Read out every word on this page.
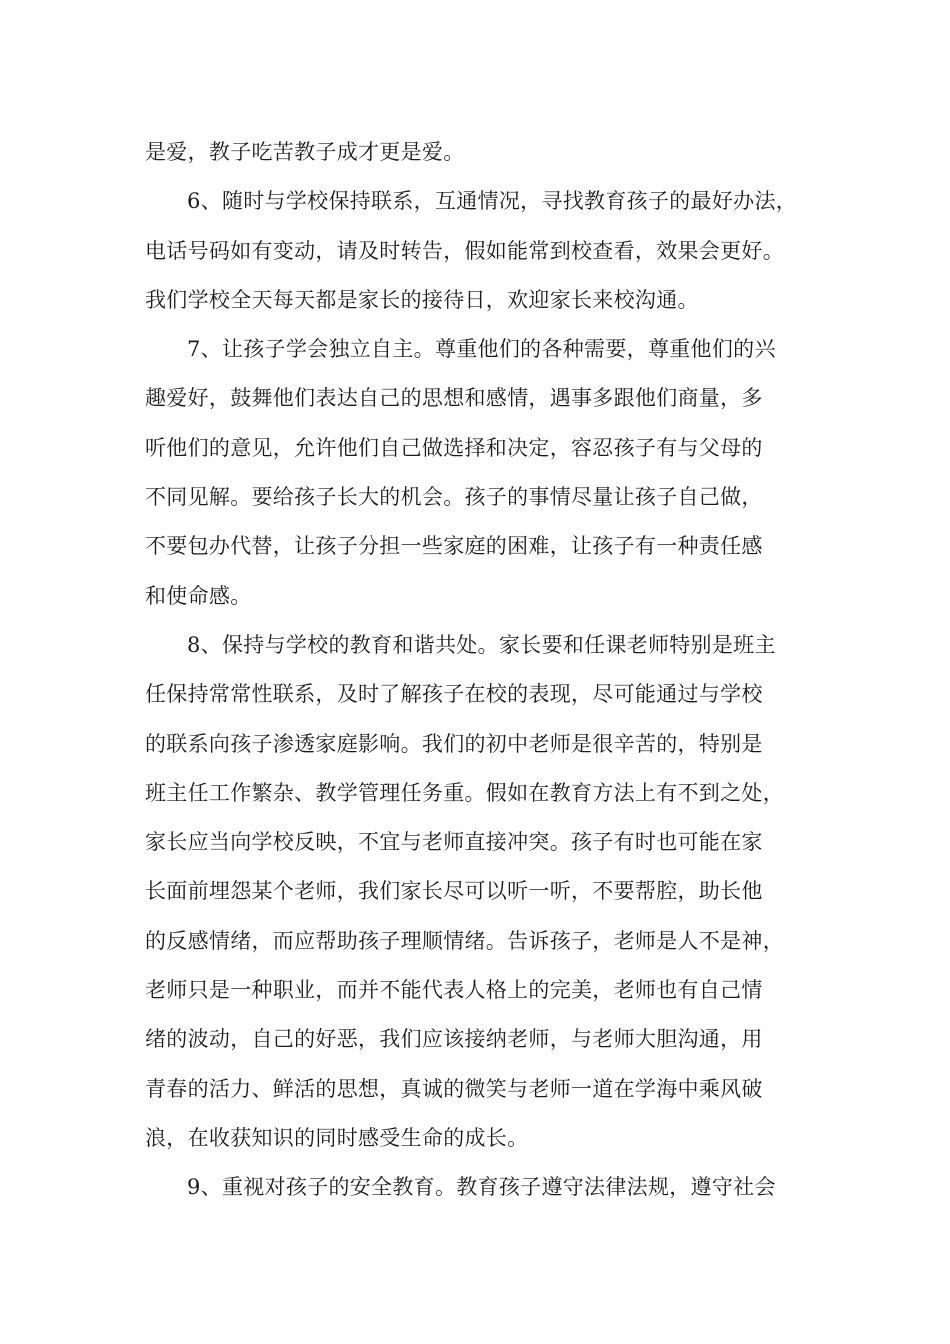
是爱，教子吃苦教子成才更是爱。
6、随时与学校保持联系，互通情况，寻找教育孩子的最好办法，
电话号码如有变动，请及时转告，假如能常到校查看，效果会更好。
我们学校全天每天都是家长的接待日，欢迎家长来校沟通。
7、让孩子学会独立自主。尊重他们的各种需要，尊重他们的兴
趣爱好，鼓舞他们表达自己的思想和感情，遇事多跟他们商量，多
听他们的意见，允许他们自己做选择和决定，容忍孩子有与父母的
不同见解。要给孩子长大的机会。孩子的事情尽量让孩子自己做，
不要包办代替，让孩子分担一些家庭的困难，让孩子有一种责任感
和使命感。
8、保持与学校的教育和谐共处。家长要和任课老师特别是班主
任保持常常性联系，及时了解孩子在校的表现，尽可能通过与学校
的联系向孩子渗透家庭影响。我们的初中老师是很辛苦的，特别是
班主任工作繁杂、教学管理任务重。假如在教育方法上有不到之处，
家长应当向学校反映，不宜与老师直接冲突。孩子有时也可能在家
长面前埋怨某个老师，我们家长尽可以听一听，不要帮腔，助长他
的反感情绪，而应帮助孩子理顺情绪。告诉孩子，老师是人不是神，
老师只是一种职业，而并不能代表人格上的完美，老师也有自己情
绪的波动，自己的好恶，我们应该接纳老师，与老师大胆沟通，用
青春的活力、鲜活的思想，真诚的微笑与老师一道在学海中乘风破
浪，在收获知识的同时感受生命的成长。
9、重视对孩子的安全教育。教育孩子遵守法律法规，遵守社会
